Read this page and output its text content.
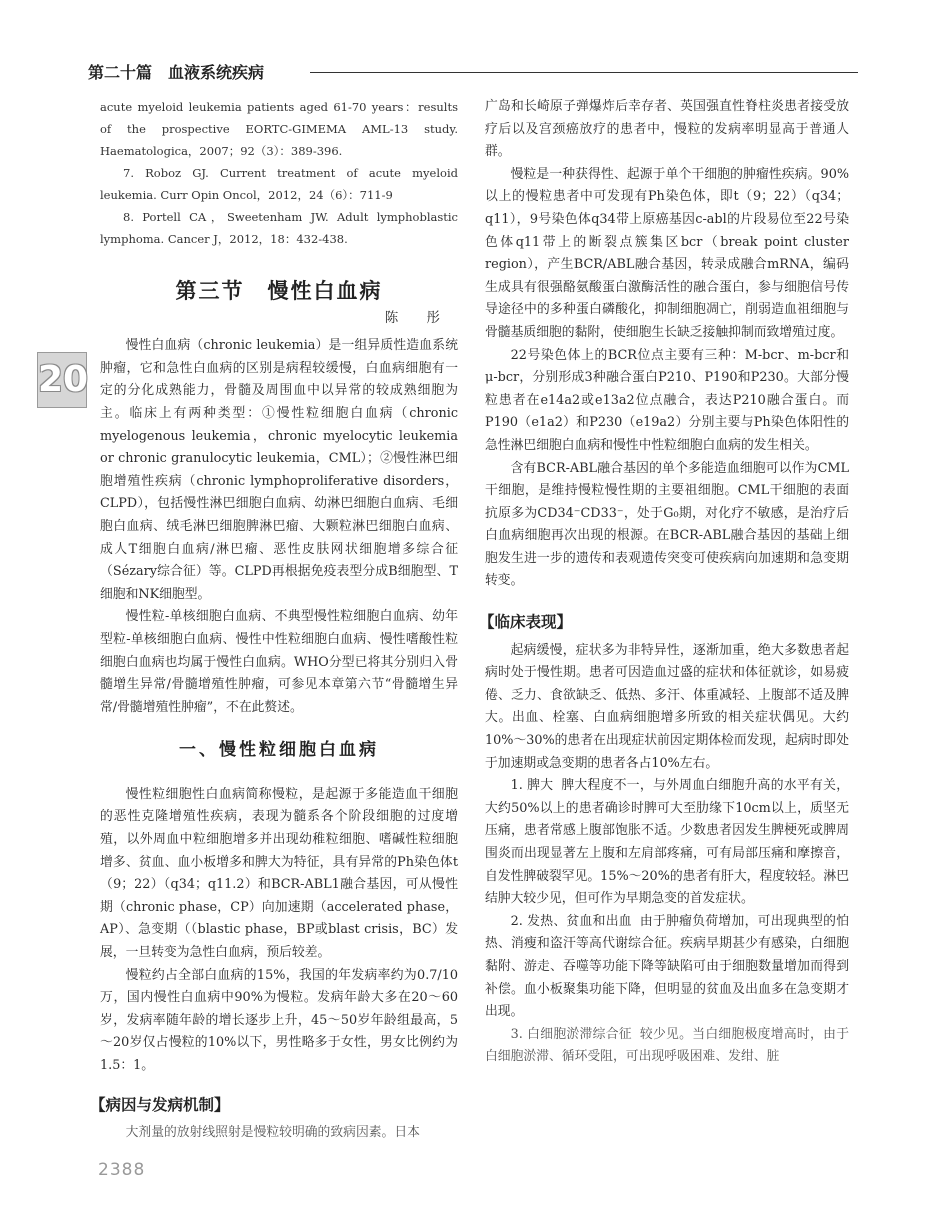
第二十篇　血液系统疾病
20

acute myeloid leukemia patients aged 61-70 years：results of the prospective EORTC-GIMEMA AML-13 study. Haematologica，2007；92（3）：389-396.

7. Roboz GJ. Current treatment of acute myeloid leukemia. Curr Opin Oncol，2012，24（6）：711-9

8. Portell CA，Sweetenham JW. Adult lymphoblastic lymphoma. Cancer J，2012，18：432-438.

第三节　慢性白血病
陈 彤

慢性白血病（chronic leukemia）是一组异质性造血系统肿瘤，它和急性白血病的区别是病程较缓慢，白血病细胞有一定的分化成熟能力，骨髓及周围血中以异常的较成熟细胞为主。临床上有两种类型：①慢性粒细胞白血病（chronic myelogenous leukemia，chronic myelocytic leukemia or chronic granulocytic leukemia，CML）；②慢性淋巴细胞增殖性疾病（chronic lymphoproliferative disorders，CLPD），包括慢性淋巴细胞白血病、幼淋巴细胞白血病、毛细胞白血病、绒毛淋巴细胞脾淋巴瘤、大颗粒淋巴细胞白血病、成人T细胞白血病/淋巴瘤、恶性皮肤网状细胞增多综合征（Sézary综合征）等。CLPD再根据免疫表型分成B细胞型、T细胞和NK细胞型。

慢性粒-单核细胞白血病、不典型慢性粒细胞白血病、幼年型粒-单核细胞白血病、慢性中性粒细胞白血病、慢性嗜酸性粒细胞白血病也均属于慢性白血病。WHO分型已将其分别归入骨髓增生异常/骨髓增殖性肿瘤，可参见本章第六节“骨髓增生异常/骨髓增殖性肿瘤”，不在此赘述。

一、慢性粒细胞白血病

慢性粒细胞性白血病简称慢粒，是起源于多能造血干细胞的恶性克隆增殖性疾病，表现为髓系各个阶段细胞的过度增殖，以外周血中粒细胞增多并出现幼稚粒细胞、嗜碱性粒细胞增多、贫血、血小板增多和脾大为特征，具有异常的Ph染色体t（9；22）（q34；q11.2）和BCR-ABL1融合基因，可从慢性期（chronic phase，CP）向加速期（accelerated phase，AP）、急变期（（blastic phase，BP或blast crisis，BC）发展，一旦转变为急性白血病，预后较差。

慢粒约占全部白血病的15%，我国的年发病率约为0.7/10万，国内慢性白血病中90%为慢粒。发病年龄大多在20～60岁，发病率随年龄的增长逐步上升，45～50岁年龄组最高，5～20岁仅占慢粒的10%以下，男性略多于女性，男女比例约为1.5：1。

【病因与发病机制】

大剂量的放射线照射是慢粒较明确的致病因素。日本

广岛和长崎原子弹爆炸后幸存者、英国强直性脊柱炎患者接受放疗后以及宫颈癌放疗的患者中，慢粒的发病率明显高于普通人群。

慢粒是一种获得性、起源于单个干细胞的肿瘤性疾病。90%以上的慢粒患者中可发现有Ph染色体，即t（9；22）（q34；q11），9号染色体q34带上原癌基因c-abl的片段易位至22号染色体q11带上的断裂点簇集区bcr（break point cluster region），产生BCR/ABL融合基因，转录成融合mRNA，编码生成具有很强酪氨酸蛋白激酶活性的融合蛋白，参与细胞信号传导途径中的多种蛋白磷酸化，抑制细胞凋亡，削弱造血祖细胞与骨髓基质细胞的黏附，使细胞生长缺乏接触抑制而致增殖过度。

22号染色体上的BCR位点主要有三种：M-bcr、m-bcr和μ-bcr，分别形成3种融合蛋白P210、P190和P230。大部分慢粒患者在e14a2或e13a2位点融合，表达P210融合蛋白。而P190（e1a2）和P230（e19a2）分别主要与Ph染色体阳性的急性淋巴细胞白血病和慢性中性粒细胞白血病的发生相关。

含有BCR-ABL融合基因的单个多能造血细胞可以作为CML干细胞，是维持慢粒慢性期的主要祖细胞。CML干细胞的表面抗原多为CD34⁻CD33⁻，处于G₀期，对化疗不敏感，是治疗后白血病细胞再次出现的根源。在BCR-ABL融合基因的基础上细胞发生进一步的遗传和表观遗传突变可使疾病向加速期和急变期转变。

【临床表现】

起病缓慢，症状多为非特异性，逐渐加重，绝大多数患者起病时处于慢性期。患者可因造血过盛的症状和体征就诊，如易疲倦、乏力、食欲缺乏、低热、多汗、体重减轻、上腹部不适及脾大。出血、栓塞、白血病细胞增多所致的相关症状偶见。大约10%～30%的患者在出现症状前因定期体检而发现，起病时即处于加速期或急变期的患者各占10%左右。

1. 脾大 脾大程度不一，与外周血白细胞升高的水平有关，大约50%以上的患者确诊时脾可大至肋缘下10cm以上，质坚无压痛，患者常感上腹部饱胀不适。少数患者因发生脾梗死或脾周围炎而出现显著左上腹和左肩部疼痛，可有局部压痛和摩擦音，自发性脾破裂罕见。15%～20%的患者有肝大，程度较轻。淋巴结肿大较少见，但可作为早期急变的首发症状。

2. 发热、贫血和出血 由于肿瘤负荷增加，可出现典型的怕热、消瘦和盗汗等高代谢综合征。疾病早期甚少有感染，白细胞黏附、游走、吞噬等功能下降等缺陷可由于细胞数量增加而得到补偿。血小板聚集功能下降，但明显的贫血及出血多在急变期才出现。

3. 白细胞淤滞综合征 较少见。当白细胞极度增高时，由于白细胞淤滞、循环受阻，可出现呼吸困难、发绀、脏

2388
